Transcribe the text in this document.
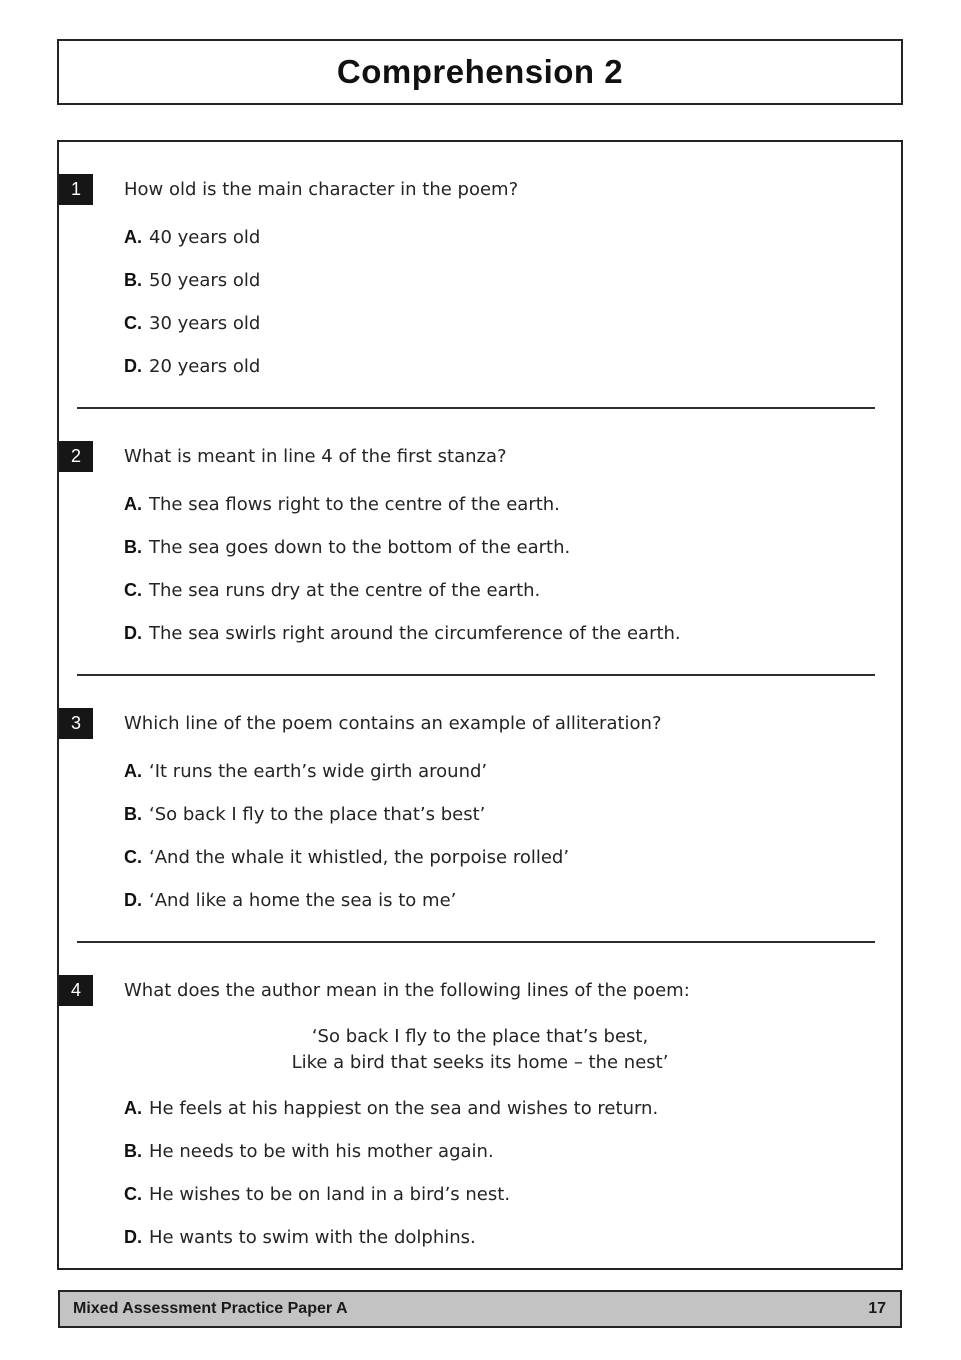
Comprehension 2
1	How old is the main character in the poem?
A. 40 years old
B. 50 years old
C. 30 years old
D. 20 years old
2	What is meant in line 4 of the first stanza?
A. The sea flows right to the centre of the earth.
B. The sea goes down to the bottom of the earth.
C. The sea runs dry at the centre of the earth.
D. The sea swirls right around the circumference of the earth.
3	Which line of the poem contains an example of alliteration?
A. ‘It runs the earth’s wide girth around’
B. ‘So back I fly to the place that’s best’
C. ‘And the whale it whistled, the porpoise rolled’
D. ‘And like a home the sea is to me’
4	What does the author mean in the following lines of the poem:
‘So back I fly to the place that’s best,
Like a bird that seeks its home – the nest’
A. He feels at his happiest on the sea and wishes to return.
B. He needs to be with his mother again.
C. He wishes to be on land in a bird’s nest.
D. He wants to swim with the dolphins.
Mixed Assessment Practice Paper A	17
